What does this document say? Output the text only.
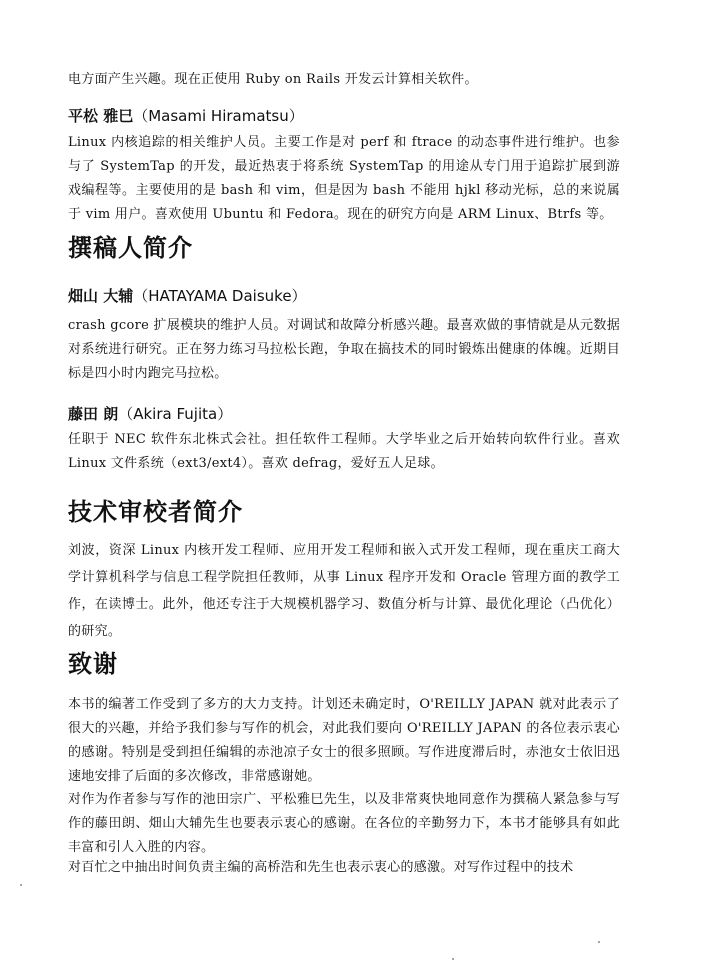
电方面产生兴趣。现在正使用 Ruby on Rails 开发云计算相关软件。

平松 雅巳（Masami Hiramatsu）

Linux 内核追踪的相关维护人员。主要工作是对 perf 和 ftrace 的动态事件进行维护。也参与了 SystemTap 的开发，最近热衷于将系统 SystemTap 的用途从专门用于追踪扩展到游戏编程等。主要使用的是 bash 和 vim，但是因为 bash 不能用 hjkl 移动光标，总的来说属于 vim 用户。喜欢使用 Ubuntu 和 Fedora。现在的研究方向是 ARM Linux、Btrfs 等。

撰稿人简介

畑山 大辅（HATAYAMA Daisuke）

crash gcore 扩展模块的维护人员。对调试和故障分析感兴趣。最喜欢做的事情就是从元数据对系统进行研究。正在努力练习马拉松长跑，争取在搞技术的同时锻炼出健康的体魄。近期目标是四小时内跑完马拉松。

藤田 朗（Akira Fujita）

任职于 NEC 软件东北株式会社。担任软件工程师。大学毕业之后开始转向软件行业。喜欢 Linux 文件系统（ext3/ext4）。喜欢 defrag，爱好五人足球。

技术审校者简介

刘波，资深 Linux 内核开发工程师、应用开发工程师和嵌入式开发工程师，现在重庆工商大学计算机科学与信息工程学院担任教师，从事 Linux 程序开发和 Oracle 管理方面的教学工作，在读博士。此外，他还专注于大规模机器学习、数值分析与计算、最优化理论（凸优化）的研究。

致谢

本书的编著工作受到了多方的大力支持。计划还未确定时，O'REILLY JAPAN 就对此表示了很大的兴趣，并给予我们参与写作的机会，对此我们要向 O'REILLY JAPAN 的各位表示衷心的感谢。特别是受到担任编辑的赤池凉子女士的很多照顾。写作进度滞后时，赤池女士依旧迅速地安排了后面的多次修改，非常感谢她。

对作为作者参与写作的池田宗广、平松雅巳先生，以及非常爽快地同意作为撰稿人紧急参与写作的藤田朗、畑山大辅先生也要表示衷心的感谢。在各位的辛勤努力下，本书才能够具有如此丰富和引人入胜的内容。

对百忙之中抽出时间负责主编的高桥浩和先生也表示衷心的感激。对写作过程中的技术
